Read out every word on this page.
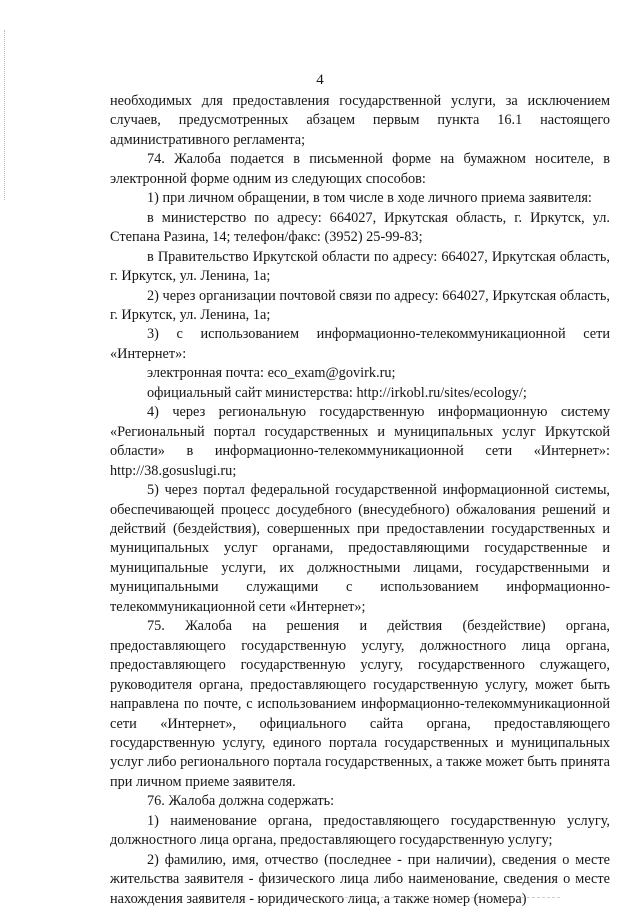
4

необходимых для предоставления государственной услуги, за исключением случаев, предусмотренных абзацем первым пункта 16.1 настоящего административного регламента;

74. Жалоба подается в письменной форме на бумажном носителе, в электронной форме одним из следующих способов:

1) при личном обращении, в том числе в ходе личного приема заявителя:

в министерство по адресу: 664027, Иркутская область, г. Иркутск, ул. Степана Разина, 14; телефон/факс: (3952) 25-99-83;

в Правительство Иркутской области по адресу: 664027, Иркутская область, г. Иркутск, ул. Ленина, 1а;

2) через организации почтовой связи по адресу: 664027, Иркутская область, г. Иркутск, ул. Ленина, 1а;

3) с использованием информационно-телекоммуникационной сети «Интернет»:

электронная почта: eco_exam@govirk.ru;

официальный сайт министерства: http://irkobl.ru/sites/ecology/;

4) через региональную государственную информационную систему «Региональный портал государственных и муниципальных услуг Иркутской области» в информационно-телекоммуникационной сети «Интернет»: http://38.gosuslugi.ru;

5) через портал федеральной государственной информационной системы, обеспечивающей процесс досудебного (внесудебного) обжалования решений и действий (бездействия), совершенных при предоставлении государственных и муниципальных услуг органами, предоставляющими государственные и муниципальные услуги, их должностными лицами, государственными и муниципальными служащими с использованием информационно-телекоммуникационной сети «Интернет»;

75. Жалоба на решения и действия (бездействие) органа, предоставляющего государственную услугу, должностного лица органа, предоставляющего государственную услугу, государственного служащего, руководителя органа, предоставляющего государственную услугу, может быть направлена по почте, с использованием информационно-телекоммуникационной сети «Интернет», официального сайта органа, предоставляющего государственную услугу, единого портала государственных и муниципальных услуг либо регионального портала государственных, а также может быть принята при личном приеме заявителя.

76. Жалоба должна содержать:

1) наименование органа, предоставляющего государственную услугу, должностного лица органа, предоставляющего государственную услугу;

2) фамилию, имя, отчество (последнее - при наличии), сведения о месте жительства заявителя - физического лица либо наименование, сведения о месте нахождения заявителя - юридического лица, а также номер (номера)
